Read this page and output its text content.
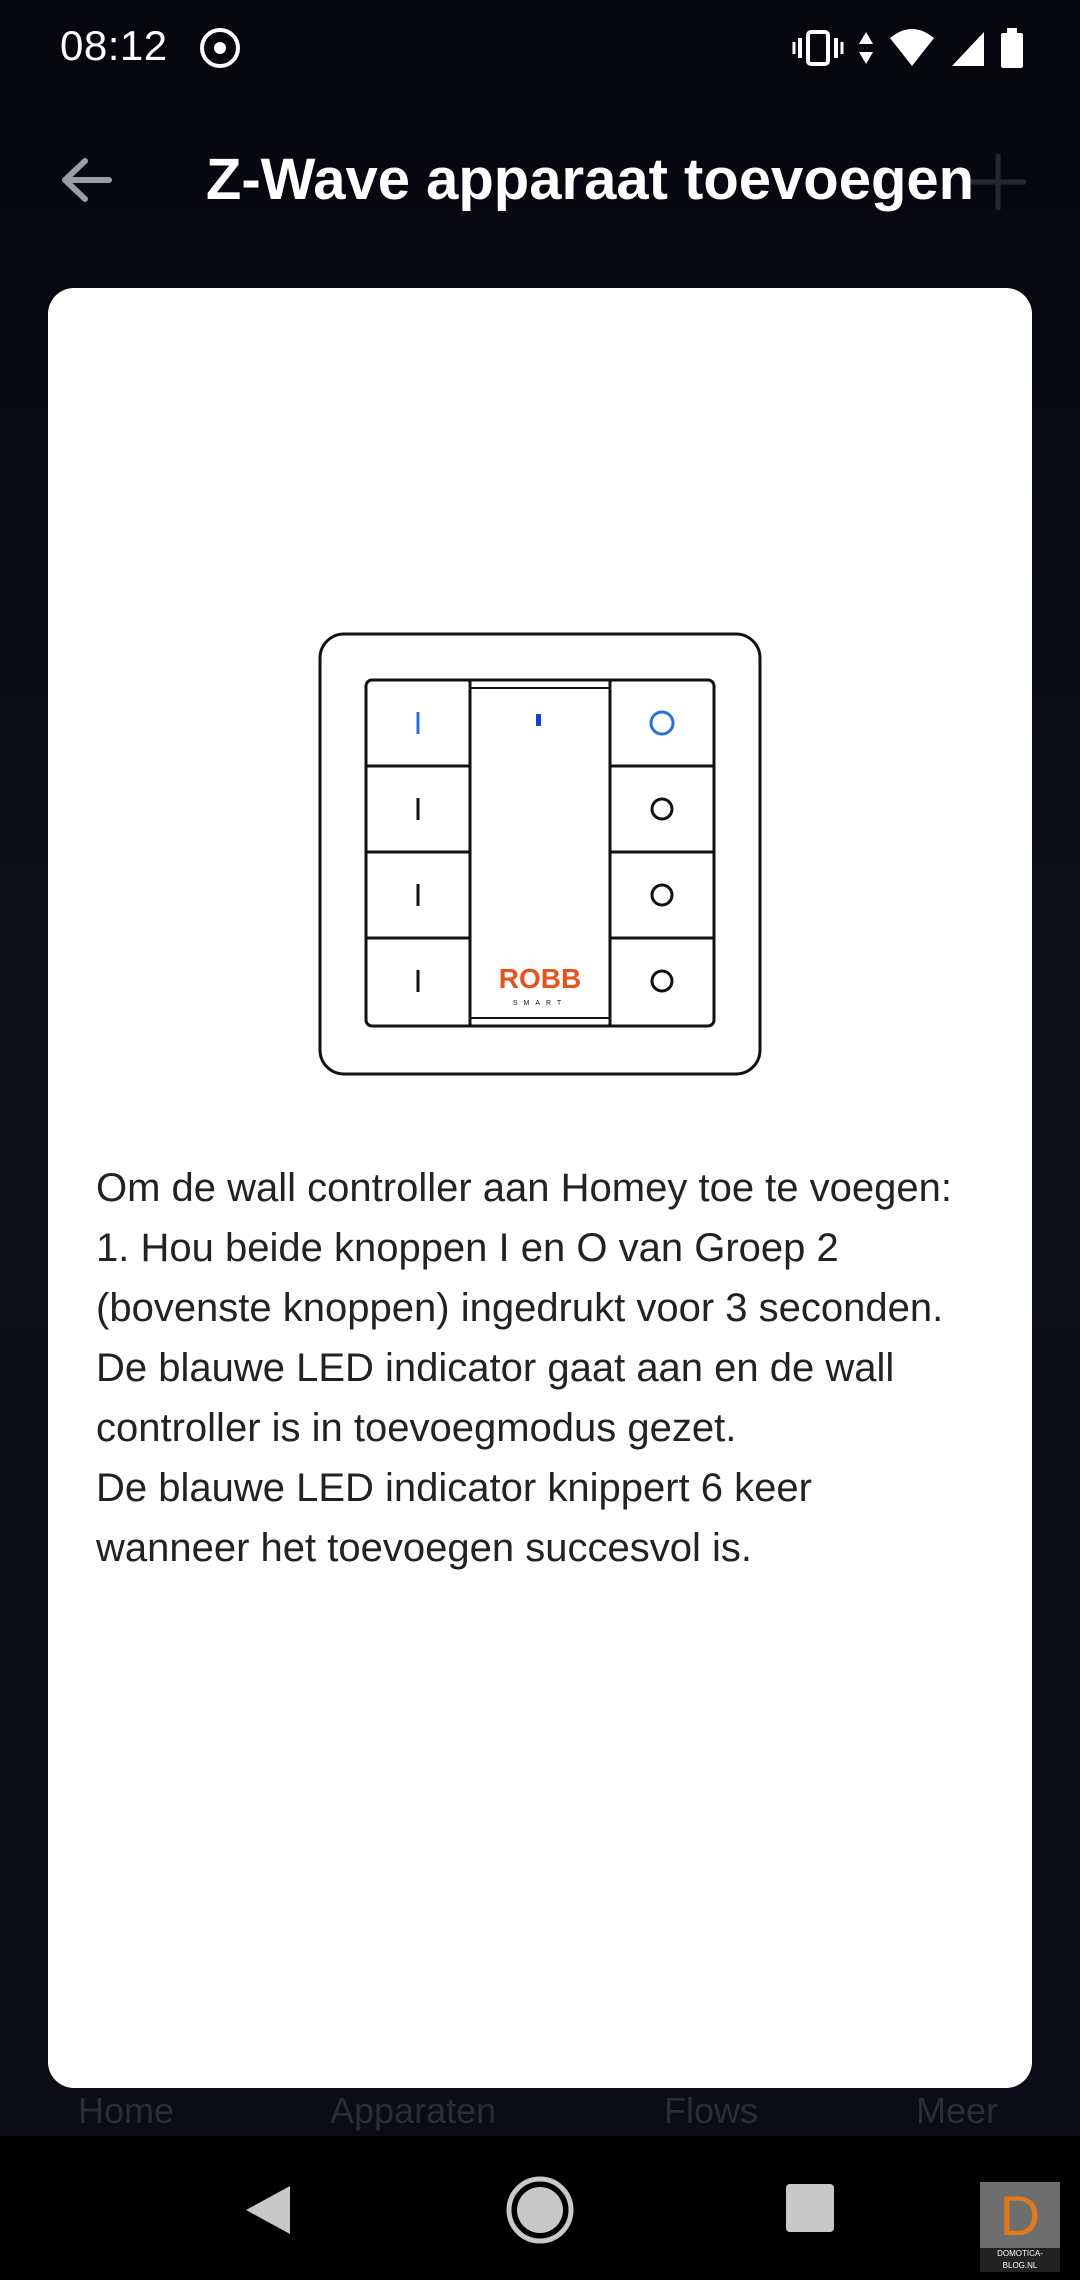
08:12
Z-Wave apparaat toevoegen
Home	Apparaten	Flows	Meer
ROBB
SMART

Om de wall controller aan Homey toe te voegen:

1. Hou beide knoppen I en O van Groep 2

(bovenste knoppen) ingedrukt voor 3 seconden.

De blauwe LED indicator gaat aan en de wall

controller is in toevoegmodus gezet.

De blauwe LED indicator knippert 6 keer

wanneer het toevoegen succesvol is.

D
DOMOTICA-BLOG.NL
